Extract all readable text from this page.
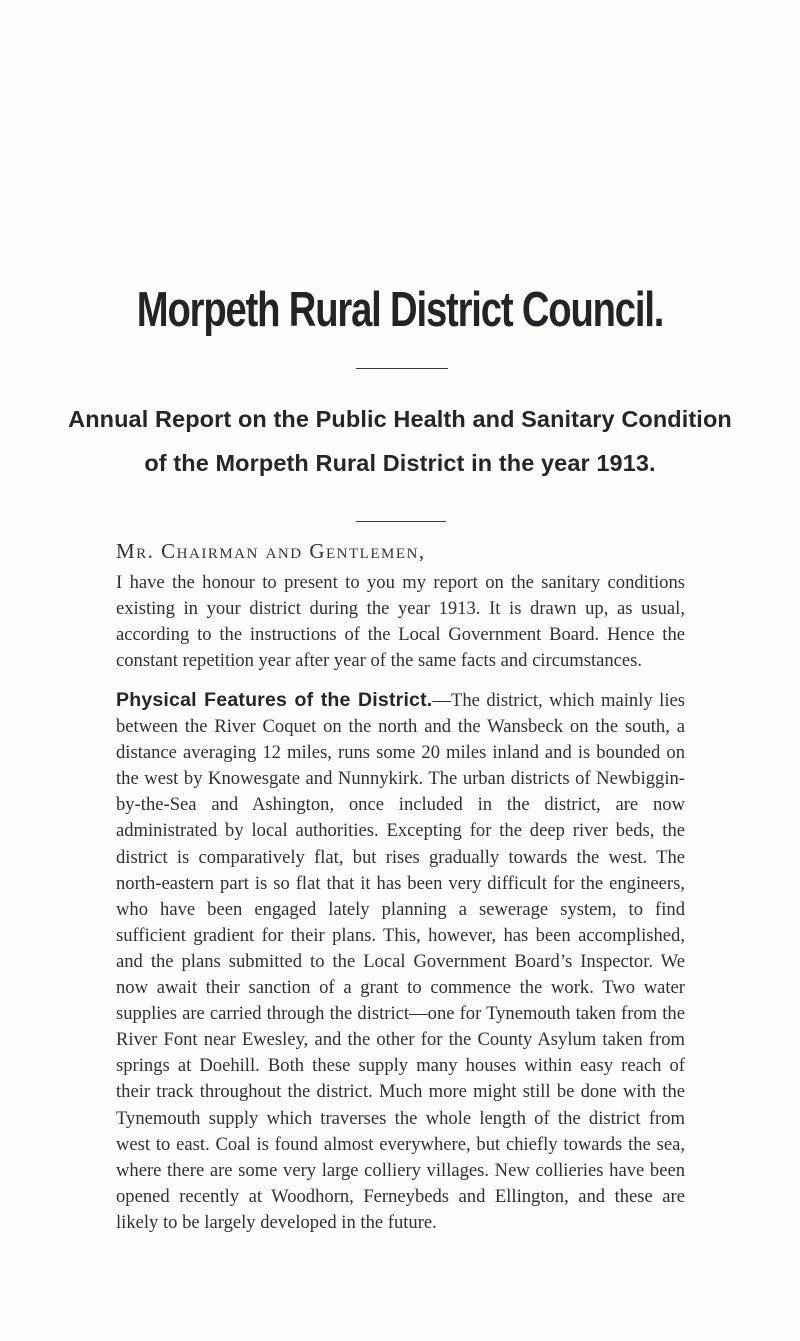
Morpeth Rural District Council.
Annual Report on the Public Health and Sanitary Condition
of the Morpeth Rural District in the year 1913.
Mr. Chairman and Gentlemen,

I have the honour to present to you my report on the sanitary conditions existing in your district during the year 1913. It is drawn up, as usual, according to the instructions of the Local Government Board. Hence the constant repetition year after year of the same facts and circumstances.

Physical Features of the District.—The district, which mainly lies between the River Coquet on the north and the Wansbeck on the south, a distance averaging 12 miles, runs some 20 miles inland and is bounded on the west by Knowesgate and Nunnykirk. The urban districts of Newbiggin-by-the-Sea and Ashington, once included in the district, are now administrated by local authorities. Excepting for the deep river beds, the district is comparatively flat, but rises gradually towards the west. The north-eastern part is so flat that it has been very difficult for the engineers, who have been engaged lately planning a sewerage system, to find sufficient gradient for their plans. This, however, has been accomplished, and the plans submitted to the Local Government Board’s Inspector. We now await their sanction of a grant to commence the work. Two water supplies are carried through the district—one for Tynemouth taken from the River Font near Ewesley, and the other for the County Asylum taken from springs at Doehill. Both these supply many houses within easy reach of their track throughout the district. Much more might still be done with the Tynemouth supply which traverses the whole length of the district from west to east. Coal is found almost everywhere, but chiefly towards the sea, where there are some very large colliery villages. New collieries have been opened recently at Woodhorn, Ferneybeds and Ellington, and these are likely to be largely developed in the future.
